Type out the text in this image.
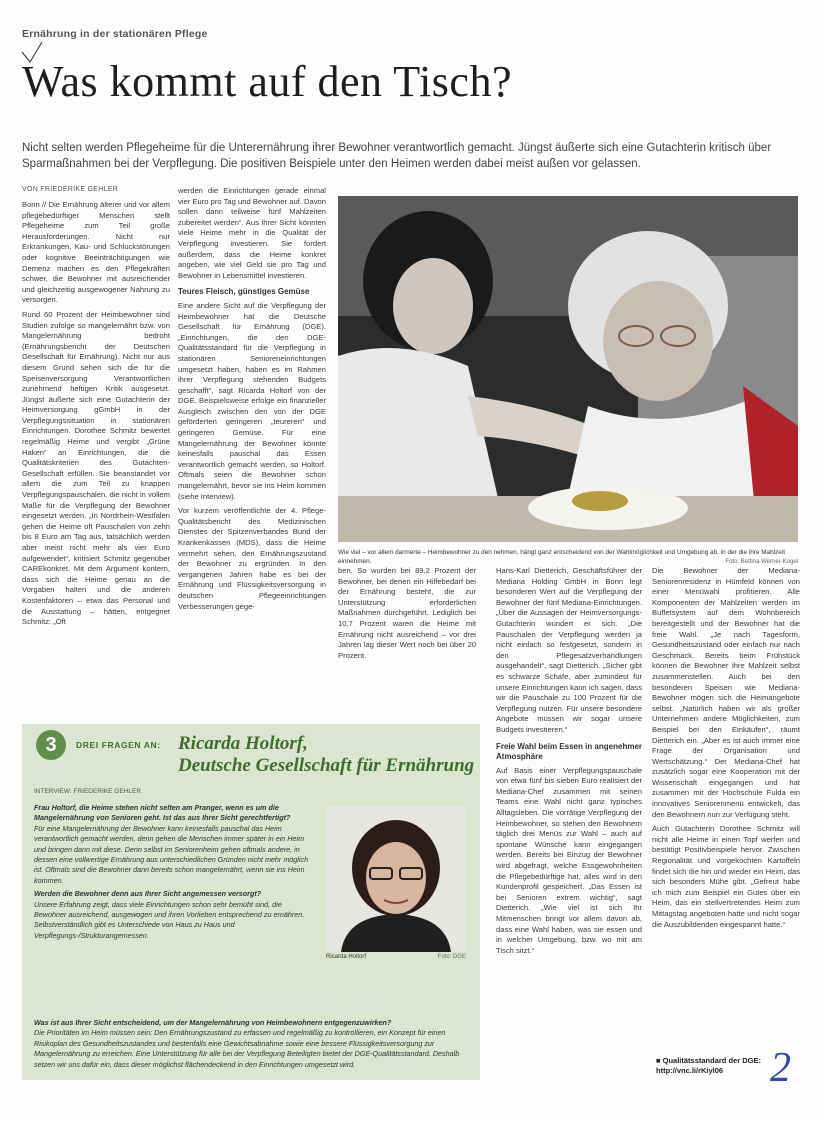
Ernährung in der stationären Pflege
Was kommt auf den Tisch?
Nicht selten werden Pflegeheime für die Unterernährung ihrer Bewohner verantwortlich gemacht. Jüngst äußerte sich eine Gutachterin kritisch über Sparmaßnahmen bei der Verpflegung. Die positiven Beispiele unter den Heimen werden dabei meist außen vor gelassen.
VON FRIEDERIKE GEHLER

Bonn // Die Ernährung älterer und vor allem pflegebedürftiger Menschen stellt Pflegeheime zum Teil große Herausforderungen. Nicht nur Erkrankungen, Kau- und Schluckstörungen oder kognitive Beeinträchtigungen wie Demenz machen es den Pflegekräften schwer, die Bewohner mit ausreichender und gleichzeitig ausgewogener Nahrung zu versorgen.

Rund 60 Prozent der Heimbewohner sind Studien zufolge so mangelernährt bzw. von Mangelernährung bedroht (Ernährungsbericht der Deutschen Gesellschaft für Ernährung). Nicht nur aus diesem Grund sehen sich die für die Speisenversorgung Verantwortlichen zunehmend heftigen Kritik ausgesetzt. Jüngst äußerte sich eine Gutachterin der Heimversorgung gGmbH in der Verpflegungssituation in stationären Einrichtungen. Dorothee Schmitz bewertet regelmäßig Heime und vergibt „Grüne Haken“ an Einrichtungen, die die Qualitätskriterien des Gutachten-Gesellschaft erfüllen. Sie beanstandet vor allem die zum Teil zu knappen Verpflegungspauschalen, die nicht in vollem Maße für die Verpflegung der Bewohner eingesetzt werden. „In Nordrhein-Westfalen gehen die Heime oft Pauschalen von zehn bis 8 Euro am Tag aus, tatsächlich werden aber meist nicht mehr als vier Euro aufgewendet“, kritisiert Schmitz gegenüber CAREkonkret. Mit dem Argument kontern, dass sich die Heime genau an die Vorgaben halten und die anderen Kostenfaktoren – etwa das Personal und die Ausstattung – hätten, entgegnet Schmitz: „Oft

werden die Einrichtungen gerade einmal vier Euro pro Tag und Bewohner auf. Davon sollen dann teilweise fünf Mahlzeiten zubereitet werden“. Aus ihrer Sicht könnten viele Heime mehr in die Qualität der Verpflegung investieren. Sie fordert außerdem, dass die Heime konkret angeben, wie viel Geld sie pro Tag und Bewohner in Lebensmittel investieren.

Teures Fleisch, günstiges Gemüse

Eine andere Sicht auf die Verpflegung der Heimbewohner hat die Deutsche Gesellschaft für Ernährung (DGE). „Einrichtungen, die den DGE-Qualitätsstandard für die Verpflegung in stationären Senioreneinrichtungen umgesetzt haben, haben es im Rahmen ihrer Verpflegung stehenden Budgets geschafft“, sagt Ricarda Holtorf von der DGE. Beispielsweise erfolge ein finanzieller Ausgleich zwischen den von der DGE geförderten geringeren „teureren“ und geringeren Gemüse. Für eine Mangelernährung der Bewohner könnte keinesfalls pauschal das Essen verantwortlich gemacht werden, so Holtorf. Oftmals seien die Bewohner schon mangelernährt, bevor sie ins Heim kommen (siehe Interview).

Vor kurzem veröffentlichte der 4. Pflege-Qualitätsbericht des Medizinischen Dienstes der Spitzenverbandes Bund der Krankenkassen (MDS), dass die Heime vermehrt sehen, den Ernährungszustand der Bewohner zu ergründen. In den vergangenen Jahren habe es bei der Ernährung und Flüssigkeitsversorgung in deutschen Pflegeeinrichtungen Verbesserungen gege-

Wie viel – vor allem darmerte – Heimbewohner zu den nehmen, hängt ganz entscheidend von der Wahlmöglichkeit und Umgebung ab, in der die ihre Mahlzeit einnehmen.	Foto: Bettina Werner-Kogel

ben. So wurden bei 89,2 Prozent der Bewohner, bei denen ein Hilfebedarf bei der Ernährung besteht, die zur Unterstützung erforderlichen Maßnahmen durchgeführt. Lediglich bei 10,7 Prozent waren die Heime mit Ernährung nicht ausreichend – vor drei Jahren lag dieser Wert noch bei über 20 Prozent.

Hans-Karl Dietterich, Geschäftsführer der Mediana Holding GmbH in Bonn legt besonderen Wert auf die Verpflegung der Bewohner der fünf Mediana-Einrichtungen. „Über die Aussagen der Heimversorgungs-Gutachterin wundert er sich. „Die Pauschalen der Verpflegung werden ja nicht einfach so festgesetzt, sondern in den Pflegesatzverhandlungen ausgehandelt“, sagt Dietterich. „Sicher gibt es schwarze Schafe, aber zumindest für unsere Einrichtungen kann ich sagen, dass wir die Pauschale zu 100 Prozent für die Verpflegung nutzen. Für unsere besondere Angebote müssen wir sogar unsere Budgets investieren.“

Freie Wahl beim Essen in angenehmer Atmosphäre

Auf Basis einer Verpflegungspauschale von etwa fünf bis sieben Euro realisiert der Mediana-Chef zusammen mit seinen Teams eine Wahl nicht ganz typisches Alltagsleben. Die vorrätige Verpflegung der Heimbewohner, so stehen den Bewohnern täglich drei Menüs zur Wahl – auch auf spontane Wünsche kann eingegangen werden. Bereits bei Einzug der Bewohner wird abgefragt, welche Essgewohnheiten die Pflegebedürftige hat, alles wird in den Kundenprofil gespeichert. „Das Essen ist bei Senioren extrem wichtig“, sagt Dietterich. „Wie viel ist sich Ihr Mitmenschen bringt vor allem davon ab, dass eine Wahl haben, was sie essen und in welcher Umgebung, bzw. wo mit am Tisch sitzt.“

Die Bewohner der Mediana-Seniorenresidenz in Hümfeld können von einer Menüwahl profitieren. Alle Komponenten der Mahlzeiten werden im Buffetsystem auf dem Wohnbereich bereitgestellt und der Bewohner hat die freie Wahl. „Je nach Tagesform, Gesundheitszustand oder einfach nur nach Geschmack. Bereits beim Frühstück können die Bewohner ihre Mahlzeit selbst zusammenstellen. Auch bei den besonderen Speisen wie Mediana-Bewohner mögen sich die Heimangebote selbst. „Natürlich haben wir als großer Unternehmen andere Möglichkeiten, zum Beispiel bei den Einkäufen“, räumt Dietterich ein. „Aber es ist auch immer eine Frage der Organisation und Wertschätzung.“ Der Mediana-Chef hat zusätzlich sogar eine Kooperation mit der Wissenschaft eingegangen und hat zusammen mit der Hochschule Fulda ein innovatives Seniorenmenü entwickelt, das den Bewohnern nun zur Verfügung steht.

Auch Gutachterin Dorothee Schmitz will nicht alle Heime in einen Topf werfen und bestätigt Positivbeispiele hervor. Zwischen Regionalität und vorgekochten Kartoffeln findet sich die hin und wieder ein Heim, das sich besonders Mühe gibt. „Gefreut habe ich mich zum Beispiel ein Gutes über ein Heim, das ein stellvertretendes Heim zum Mittagstag angeboten hatte und nicht sogar die Auszubildenden eingespannt hatte.“

3	DREI FRAGEN AN: Ricarda Holtorf,
Deutsche Gesellschaft für Ernährung
INTERVIEW: FRIEDERIKE GEHLER
Frau Holtorf, die Heime stehen nicht selten am Pranger, wenn es um die Mangelernährung von Senioren geht. Ist das aus Ihrer Sicht gerechtfertigt?
Für eine Mangelernährung der Bewohner kann keinesfalls pauschal das Heim verantwortlich gemacht werden, denn gehen die Menschen immer später in ein Heim und bringen dann mit diese. Denn selbst im Seniorenheim gehen oftmals andere, in dessen eine vollwertige Ernährung aus unterschiedlichen Gründen nicht mehr möglich ist. Oftmals sind die Bewohner dann bereits schon mangelernährt, wenn sie ins Heim kommen.
Werden die Bewohner denn aus Ihrer Sicht angemessen versorgt?
Unsere Erfahrung zeigt, dass viele Einrichtungen schon sehr bemüht sind, die Bewohner ausreichend, ausgewogen und ihren Vorlieben entsprechend zu ernähren. Selbstverständlich gibt es Unterschiede von Haus zu Haus und Verpflegungs-/Strukturangemessen.
Ricarda Holtorf	Foto: DGE
Was ist aus Ihrer Sicht entscheidend, um der Mangelernährung von Heimbewohnern entgegenzuwirken?
Die Prioritäten im Heim müssen sein: Den Ernährungszustand zu erfassen und regelmäßig zu kontrollieren, ein Konzept für einen Risikoplan des Gesundheitszustandes und bestenfalls eine Gewichtsabnahme sowie eine bessere Flüssigkeitsversorgung zur Mangelernährung zu erreichen. Eine Unterstützung für alle bei der Verpflegung Beteiligten bietet der DGE-Qualitätsstandard. Deshalb setzen wir uns dafür ein, dass dieser möglichst flächendeckend in den Einrichtungen umgesetzt wird.	■ Qualitätsstandard der DGE:
http://vnc.li/rKiyl06	2
